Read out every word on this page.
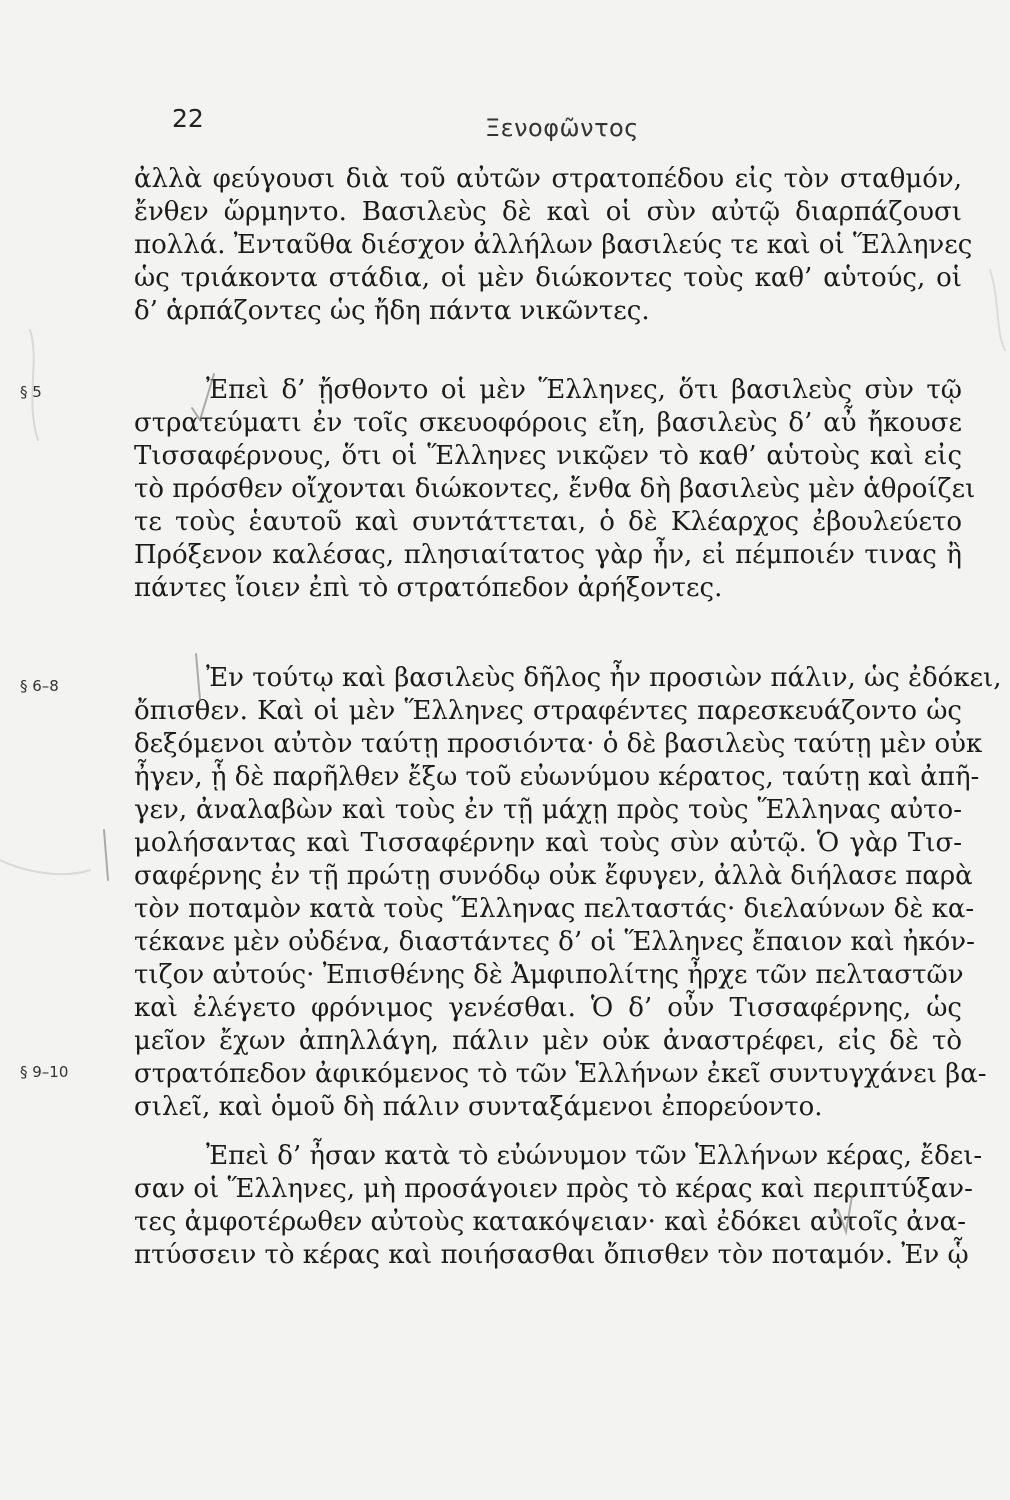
22	Ξενοφῶντος
§ 5
§ 6–8
§ 9–10
ἀλλὰ φεύγουσι διὰ τοῦ αὐτῶν στρατοπέδου εἰς τὸν σταθμόν,
ἔνθεν ὥρμηντο. Βασιλεὺς δὲ καὶ οἱ σὺν αὐτῷ διαρπάζουσι
πολλά. Ἐνταῦθα διέσχον ἀλλήλων βασιλεύς τε καὶ οἱ Ἕλληνες
ὡς τριάκοντα στάδια, οἱ μὲν διώκοντες τοὺς καθ’ αὑτούς, οἱ
δ’ ἁρπάζοντες ὡς ἤδη πάντα νικῶντες.
Ἐπεὶ δ’ ᾔσθοντο οἱ μὲν Ἕλληνες, ὅτι βασιλεὺς σὺν τῷ
στρατεύματι ἐν τοῖς σκευοφόροις εἴη, βασιλεὺς δ’ αὖ ἤκουσε
Τισσαφέρνους, ὅτι οἱ Ἕλληνες νικῷεν τὸ καθ’ αὑτοὺς καὶ εἰς
τὸ πρόσθεν οἴχονται διώκοντες, ἔνθα δὴ βασιλεὺς μὲν ἁθροίζει
τε τοὺς ἑαυτοῦ καὶ συντάττεται, ὁ δὲ Κλέαρχος ἐβουλεύετο
Πρόξενον καλέσας, πλησιαίτατος γὰρ ἦν, εἰ πέμποιέν τινας ἢ
πάντες ἴοιεν ἐπὶ τὸ στρατόπεδον ἀρήξοντες.
Ἐν τούτῳ καὶ βασιλεὺς δῆλος ἦν προσιὼν πάλιν, ὡς ἐδόκει,
ὄπισθεν. Καὶ οἱ μὲν Ἕλληνες στραφέντες παρεσκευάζοντο ὡς
δεξόμενοι αὐτὸν ταύτῃ προσιόντα· ὁ δὲ βασιλεὺς ταύτῃ μὲν οὐκ
ἦγεν, ᾗ δὲ παρῆλθεν ἔξω τοῦ εὐωνύμου κέρατος, ταύτῃ καὶ ἀπῆ-
γεν, ἀναλαβὼν καὶ τοὺς ἐν τῇ μάχῃ πρὸς τοὺς Ἕλληνας αὐτο-
μολήσαντας καὶ Τισσαφέρνην καὶ τοὺς σὺν αὐτῷ. Ὁ γὰρ Τισ-
σαφέρνης ἐν τῇ πρώτῃ συνόδῳ οὐκ ἔφυγεν, ἀλλὰ διήλασε παρὰ
τὸν ποταμὸν κατὰ τοὺς Ἕλληνας πελταστάς· διελαύνων δὲ κα-
τέκανε μὲν οὐδένα, διαστάντες δ’ οἱ Ἕλληνες ἔπαιον καὶ ἠκόν-
τιζον αὐτούς· Ἐπισθένης δὲ Ἀμφιπολίτης ἦρχε τῶν πελταστῶν
καὶ ἐλέγετο φρόνιμος γενέσθαι. Ὁ δ’ οὖν Τισσαφέρνης, ὡς
μεῖον ἔχων ἀπηλλάγη, πάλιν μὲν οὐκ ἀναστρέφει, εἰς δὲ τὸ
στρατόπεδον ἀφικόμενος τὸ τῶν Ἑλλήνων ἐκεῖ συντυγχάνει βα-
σιλεῖ, καὶ ὁμοῦ δὴ πάλιν συνταξάμενοι ἐπορεύοντο.
Ἐπεὶ δ’ ἦσαν κατὰ τὸ εὐώνυμον τῶν Ἑλλήνων κέρας, ἔδει-
σαν οἱ Ἕλληνες, μὴ προσάγοιεν πρὸς τὸ κέρας καὶ περιπτύξαν-
τες ἀμφοτέρωθεν αὐτοὺς κατακόψειαν· καὶ ἐδόκει αὐτοῖς ἀνα-
πτύσσειν τὸ κέρας καὶ ποιήσασθαι ὄπισθεν τὸν ποταμόν. Ἐν ᾧ
